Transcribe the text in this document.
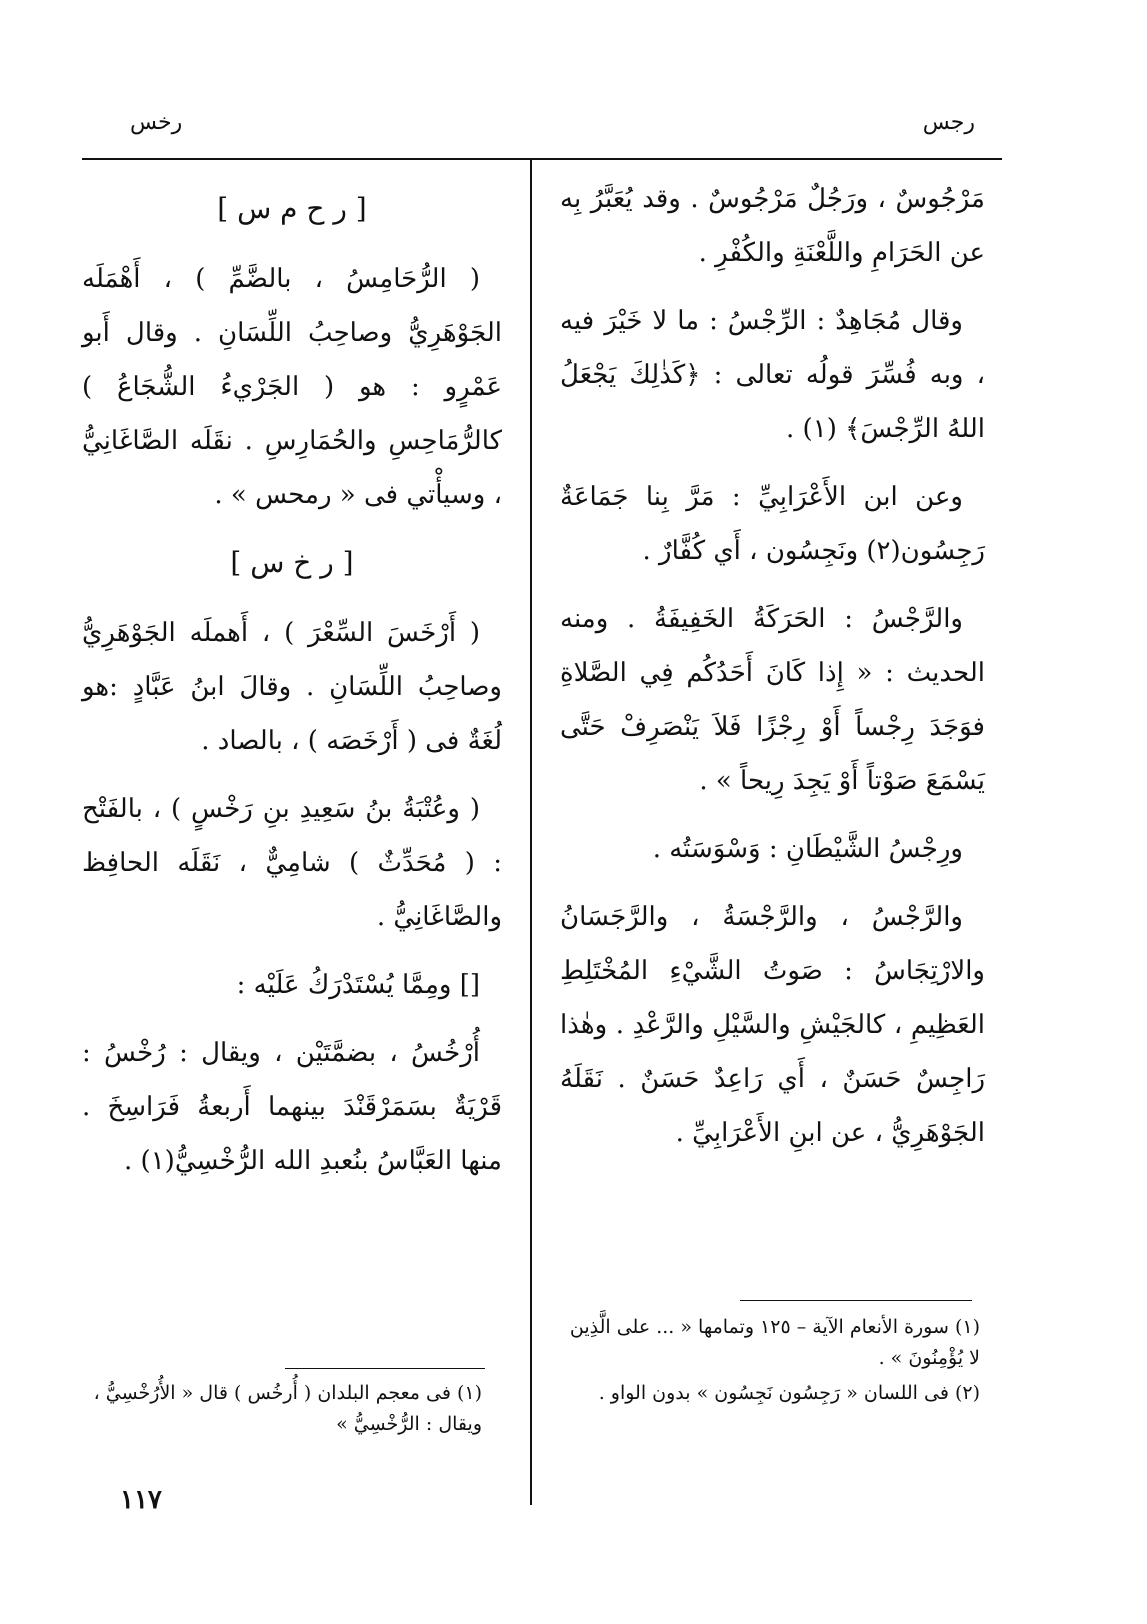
رجس
رخس

مَرْجُوسٌ ، ورَجُلٌ مَرْجُوسٌ . وقد يُعَبَّرُ بِه عن الحَرَامِ واللَّعْنَةِ والكُفْرِ .

وقال مُجَاهِدٌ : الرِّجْسُ : ما لا خَيْرَ فيه ، وبه فُسِّرَ قولُه تعالى : ﴿كَذٰلِكَ يَجْعَلُ اللهُ الرِّجْسَ﴾ (١) .

وعن ابن الأَعْرَابِيِّ : مَرَّ بِنا جَمَاعَةٌ رَجِسُون(٢) ونَجِسُون ، أَي كُفَّارٌ .

والرَّجْسُ : الحَرَكَةُ الخَفِيفَةُ . ومنه الحديث : « إِذا كَانَ أَحَدُكُم فِي الصَّلاةِ فوَجَدَ رِجْساً أَوْ رِجْزًا فَلاَ يَنْصَرِفْ حَتَّى يَسْمَعَ صَوْتاً أَوْ يَجِدَ رِيحاً » .

ورِجْسُ الشَّيْطَانِ : وَسْوَسَتُه .

والرَّجْسُ ، والرَّجْسَةُ ، والرَّجَسَانُ والارْتِجَاسُ : صَوتُ الشَّيْءِ المُخْتَلِطِ العَظِيمِ ، كالجَيْشِ والسَّيْلِ والرَّعْدِ . وهٰذا رَاجِسٌ حَسَنٌ ، أَي رَاعِدٌ حَسَنٌ . نَقَلَهُ الجَوْهَرِيُّ ، عن ابنِ الأَعْرَابِيِّ .

[ ر ح م س ]

( الرُّحَامِسُ ، بالضَّمِّ ) ، أَهْمَلَه الجَوْهَرِيُّ وصاحِبُ اللِّسَانِ . وقال أَبو عَمْرٍو : هو ( الجَرْيءُ الشُّجَاعُ ) كالرُّمَاحِسِ والحُمَارِسِ . نقَلَه الصَّاغَانِيُّ ، وسيأْتي فى « رمحس » .

[ ر خ س ]

( أَرْخَسَ السِّعْرَ ) ، أَهملَه الجَوْهَرِيُّ وصاحِبُ اللِّسَانِ . وقالَ ابنُ عَبَّادٍ :هو لُغَةٌ فى ( أَرْخَصَه ) ، بالصاد .

( وعُتْبَةُ بنُ سَعِيدِ بنِ رَخْسٍ ) ، بالفَتْح : ( مُحَدِّثٌ ) شامِيٌّ ، نَقَلَه الحافِظ والصَّاغَانِيُّ .

[] ومِمَّا يُسْتَدْرَكُ عَلَيْه :

أُرْخُسُ ، بضمَّتَيْن ، ويقال : رُخْسُ : قَرْيَةٌ بسَمَرْقَنْدَ بينهما أَربعةُ فَرَاسِخَ . منها العَبَّاسُ بنُعبدِ الله الرُّخْسِيُّ(١) .

(١) سورة الأنعام الآية – ١٢٥ وتمامها « ... على الَّذِين لا يُؤْمِنُونَ » .

(٢) فى اللسان « رَجِسُون نَجِسُون » بدون الواو .

(١) فى معجم البلدان ( أُرخُس ) قال « الأُرُخْسِيُّ ، ويقال : الرُّخْسِيُّ »

١١٧
